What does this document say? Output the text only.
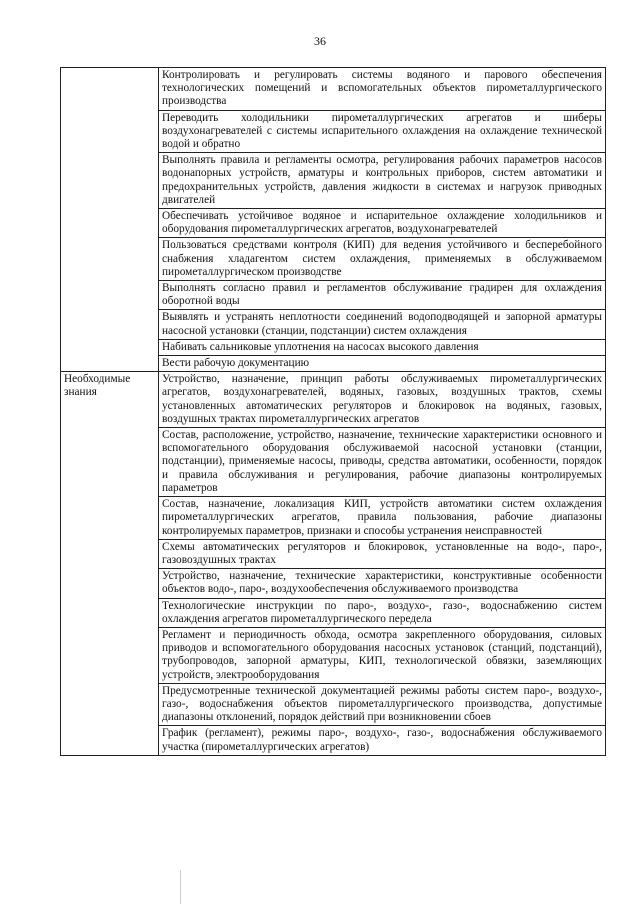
36
	Контролировать и регулировать системы водяного и парового обеспечения технологических помещений и вспомогательных объектов пирометаллургического производства
	Переводить холодильники пирометаллургических агрегатов и шиберы воздухонагревателей с системы испарительного охлаждения на охлаждение технической водой и обратно
	Выполнять правила и регламенты осмотра, регулирования рабочих параметров насосов водонапорных устройств, арматуры и контрольных приборов, систем автоматики и предохранительных устройств, давления жидкости в системах и нагрузок приводных двигателей
	Обеспечивать устойчивое водяное и испарительное охлаждение холодильников и оборудования пирометаллургических агрегатов, воздухонагревателей
	Пользоваться средствами контроля (КИП) для ведения устойчивого и бесперебойного снабжения хладагентом систем охлаждения, применяемых в обслуживаемом пирометаллургическом производстве
	Выполнять согласно правил и регламентов обслуживание градирен для охлаждения оборотной воды
	Выявлять и устранять неплотности соединений водоподводящей и запорной арматуры насосной установки (станции, подстанции) систем охлаждения
	Набивать сальниковые уплотнения на насосах высокого давления
	Вести рабочую документацию
Необходимые знания	Устройство, назначение, принцип работы обслуживаемых пирометаллургических агрегатов, воздухонагревателей, водяных, газовых, воздушных трактов, схемы установленных автоматических регуляторов и блокировок на водяных, газовых, воздушных трактах пирометаллургических агрегатов
	Состав, расположение, устройство, назначение, технические характеристики основного и вспомогательного оборудования обслуживаемой насосной установки (станции, подстанции), применяемые насосы, приводы, средства автоматики, особенности, порядок и правила обслуживания и регулирования, рабочие диапазоны контролируемых параметров
	Состав, назначение, локализация КИП, устройств автоматики систем охлаждения пирометаллургических агрегатов, правила пользования, рабочие диапазоны контролируемых параметров, признаки и способы устранения неисправностей
	Схемы автоматических регуляторов и блокировок, установленные на водо-, паро-, газовоздушных трактах
	Устройство, назначение, технические характеристики, конструктивные особенности объектов водо-, паро-, воздухообеспечения обслуживаемого производства
	Технологические инструкции по паро-, воздухо-, газо-, водоснабжению систем охлаждения агрегатов пирометаллургического передела
	Регламент и периодичность обхода, осмотра закрепленного оборудования, силовых приводов и вспомогательного оборудования насосных установок (станций, подстанций), трубопроводов, запорной арматуры, КИП, технологической обвязки, заземляющих устройств, электрооборудования
	Предусмотренные технической документацией режимы работы систем паро-, воздухо-, газо-, водоснабжения объектов пирометаллургического производства, допустимые диапазоны отклонений, порядок действий при возникновении сбоев
	График (регламент), режимы паро-, воздухо-, газо-, водоснабжения обслуживаемого участка (пирометаллургических агрегатов)
